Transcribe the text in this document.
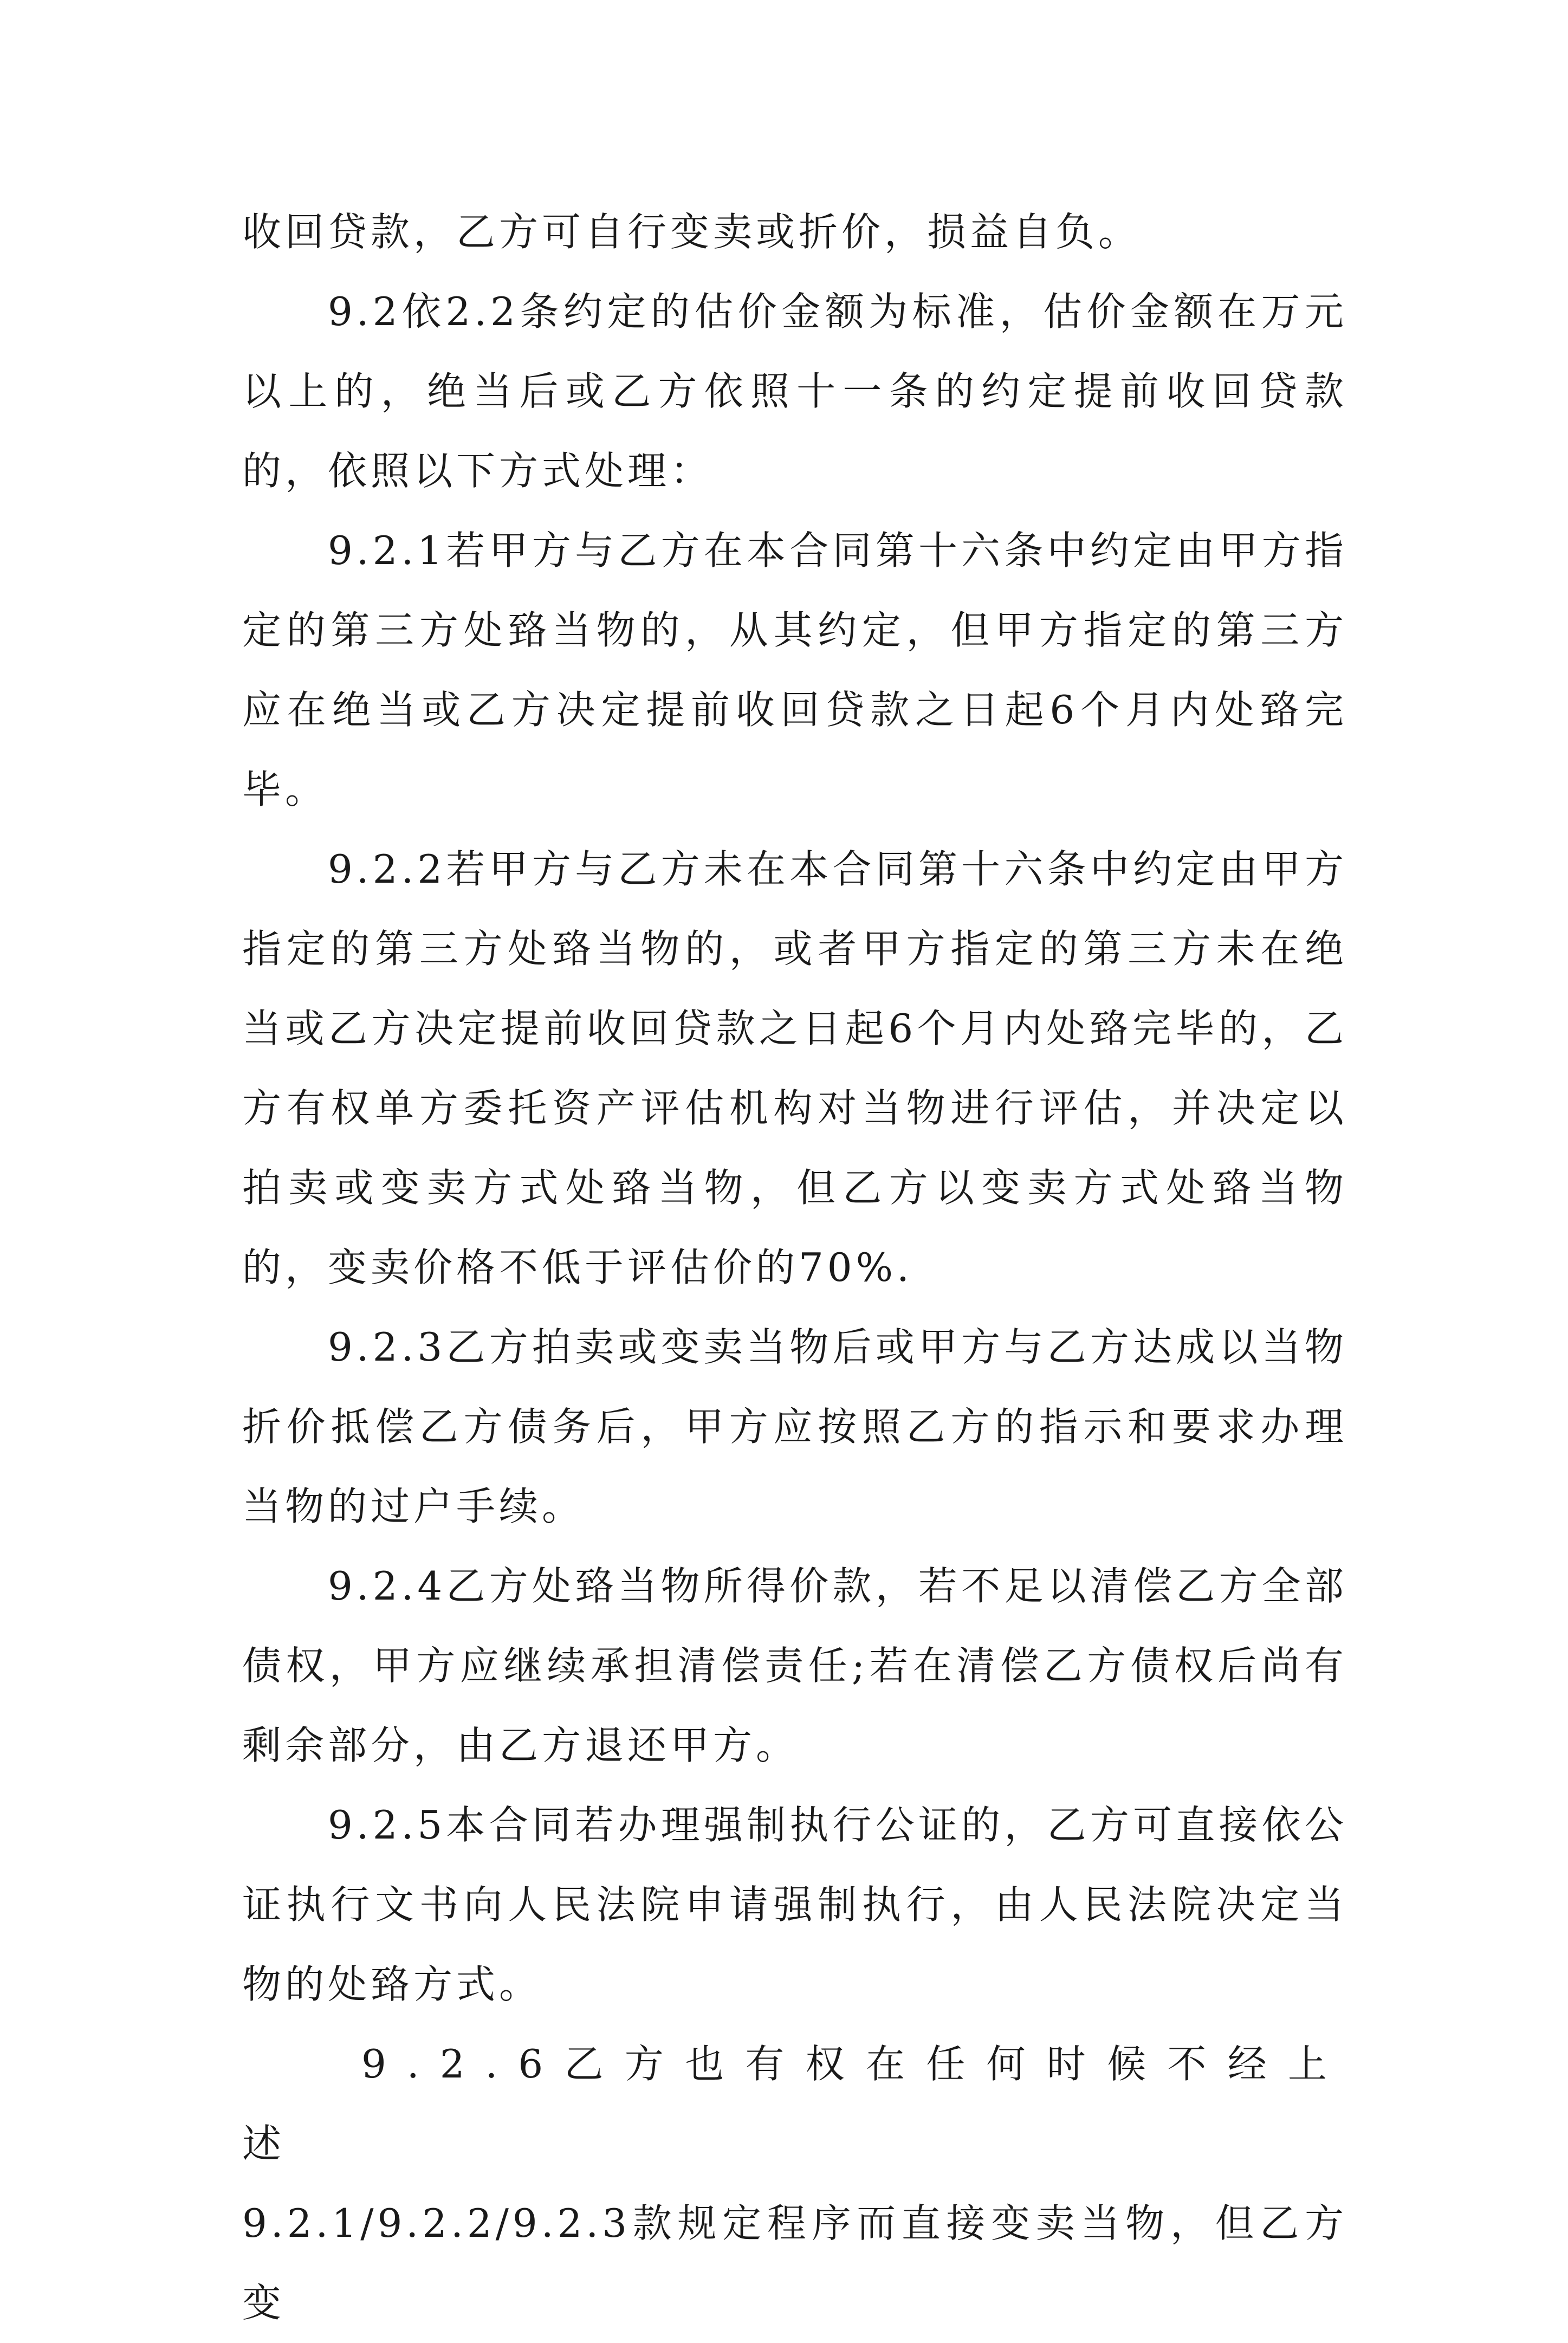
收回贷款，乙方可自行变卖或折价，损益自负。

9.2依2.2条约定的估价金额为标准，估价金额在万元以上的，绝当后或乙方依照十一条的约定提前收回贷款的，依照以下方式处理：

9.2.1若甲方与乙方在本合同第十六条中约定由甲方指定的第三方处臵当物的，从其约定，但甲方指定的第三方应在绝当或乙方决定提前收回贷款之日起6个月内处臵完毕。

9.2.2若甲方与乙方未在本合同第十六条中约定由甲方指定的第三方处臵当物的，或者甲方指定的第三方未在绝当或乙方决定提前收回贷款之日起6个月内处臵完毕的，乙方有权单方委托资产评估机构对当物进行评估，并决定以拍卖或变卖方式处臵当物，但乙方以变卖方式处臵当物的，变卖价格不低于评估价的70%.

9.2.3乙方拍卖或变卖当物后或甲方与乙方达成以当物折价抵偿乙方债务后，甲方应按照乙方的指示和要求办理当物的过户手续。

9.2.4乙方处臵当物所得价款，若不足以清偿乙方全部债权，甲方应继续承担清偿责任;若在清偿乙方债权后尚有剩余部分，由乙方退还甲方。

9.2.5本合同若办理强制执行公证的，乙方可直接依公证执行文书向人民法院申请强制执行，由人民法院决定当物的处臵方式。

9.2.6乙方也有权在任何时候不经上述

9.2.1/9.2.2/9.2.3款规定程序而直接变卖当物，但乙方变
